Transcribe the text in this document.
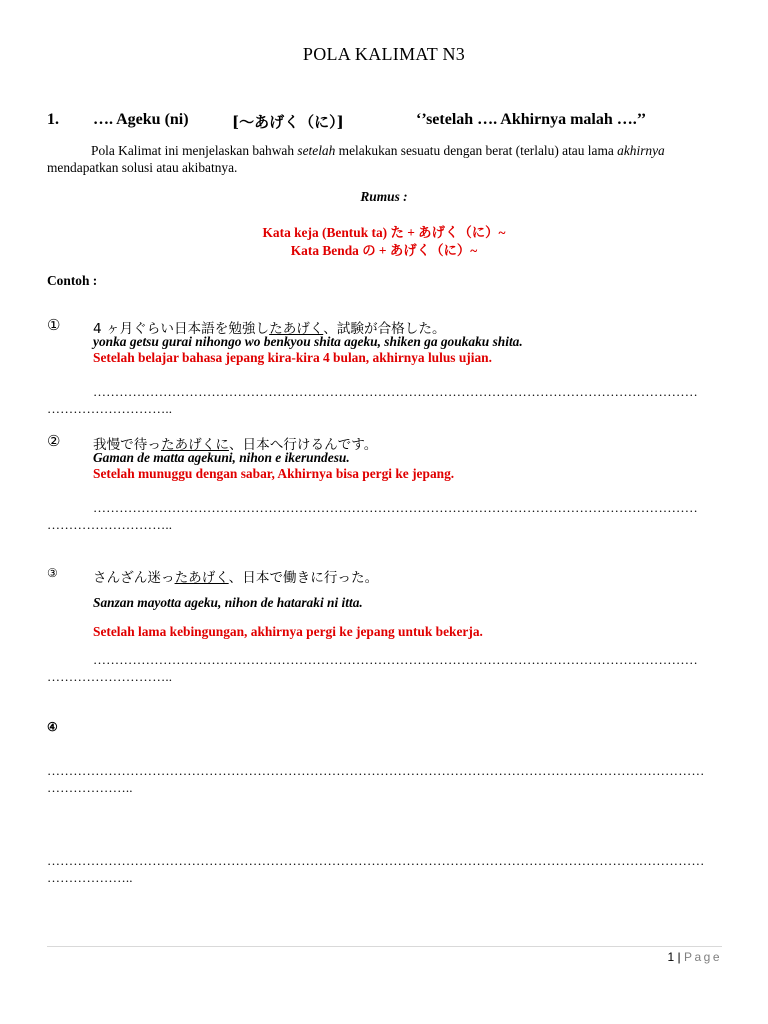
POLA KALIMAT N3
1. …. Ageku (ni)	[〜あげく（に）]	‘’setelah …. Akhirnya malah ….’’
Pola Kalimat ini menjelaskan bahwah setelah melakukan sesuatu dengan berat (terlalu) atau lama akhirnya mendapatkan solusi atau akibatnya.
Rumus :
Kata keja (Bentuk ta) た + あげく（に）~
Kata Benda の + あげく（に）~
Contoh :
① 4 ヶ月ぐらい日本語を勉強したあげく、試験が合格した。
yonka getsu gurai nihongo wo benkyou shita ageku, shiken ga goukaku shita.
Setelah belajar bahasa jepang kira-kira 4 bulan, akhirnya lulus ujian.
…………………………………………………………………………………………………………………………
………………………..
② 我慢で待ったあげくに、日本へ行けるんです。
Gaman de matta agekuni, nihon e ikerundesu.
Setelah munuggu dengan sabar, Akhirnya bisa pergi ke jepang.
…………………………………………………………………………………………………………………………
………………………..
③	さんざん迷ったあげく、日本で働きに行った。
Sanzan mayotta ageku, nihon de hataraki ni itta.
Setelah lama kebingungan, akhirnya pergi ke jepang untuk bekerja.
…………………………………………………………………………………………………………………………
………………………..
④
……………………………………………………………………………………………………………………………………
………………..
……………………………………………………………………………………………………………………………………
………………..
1 | Page
